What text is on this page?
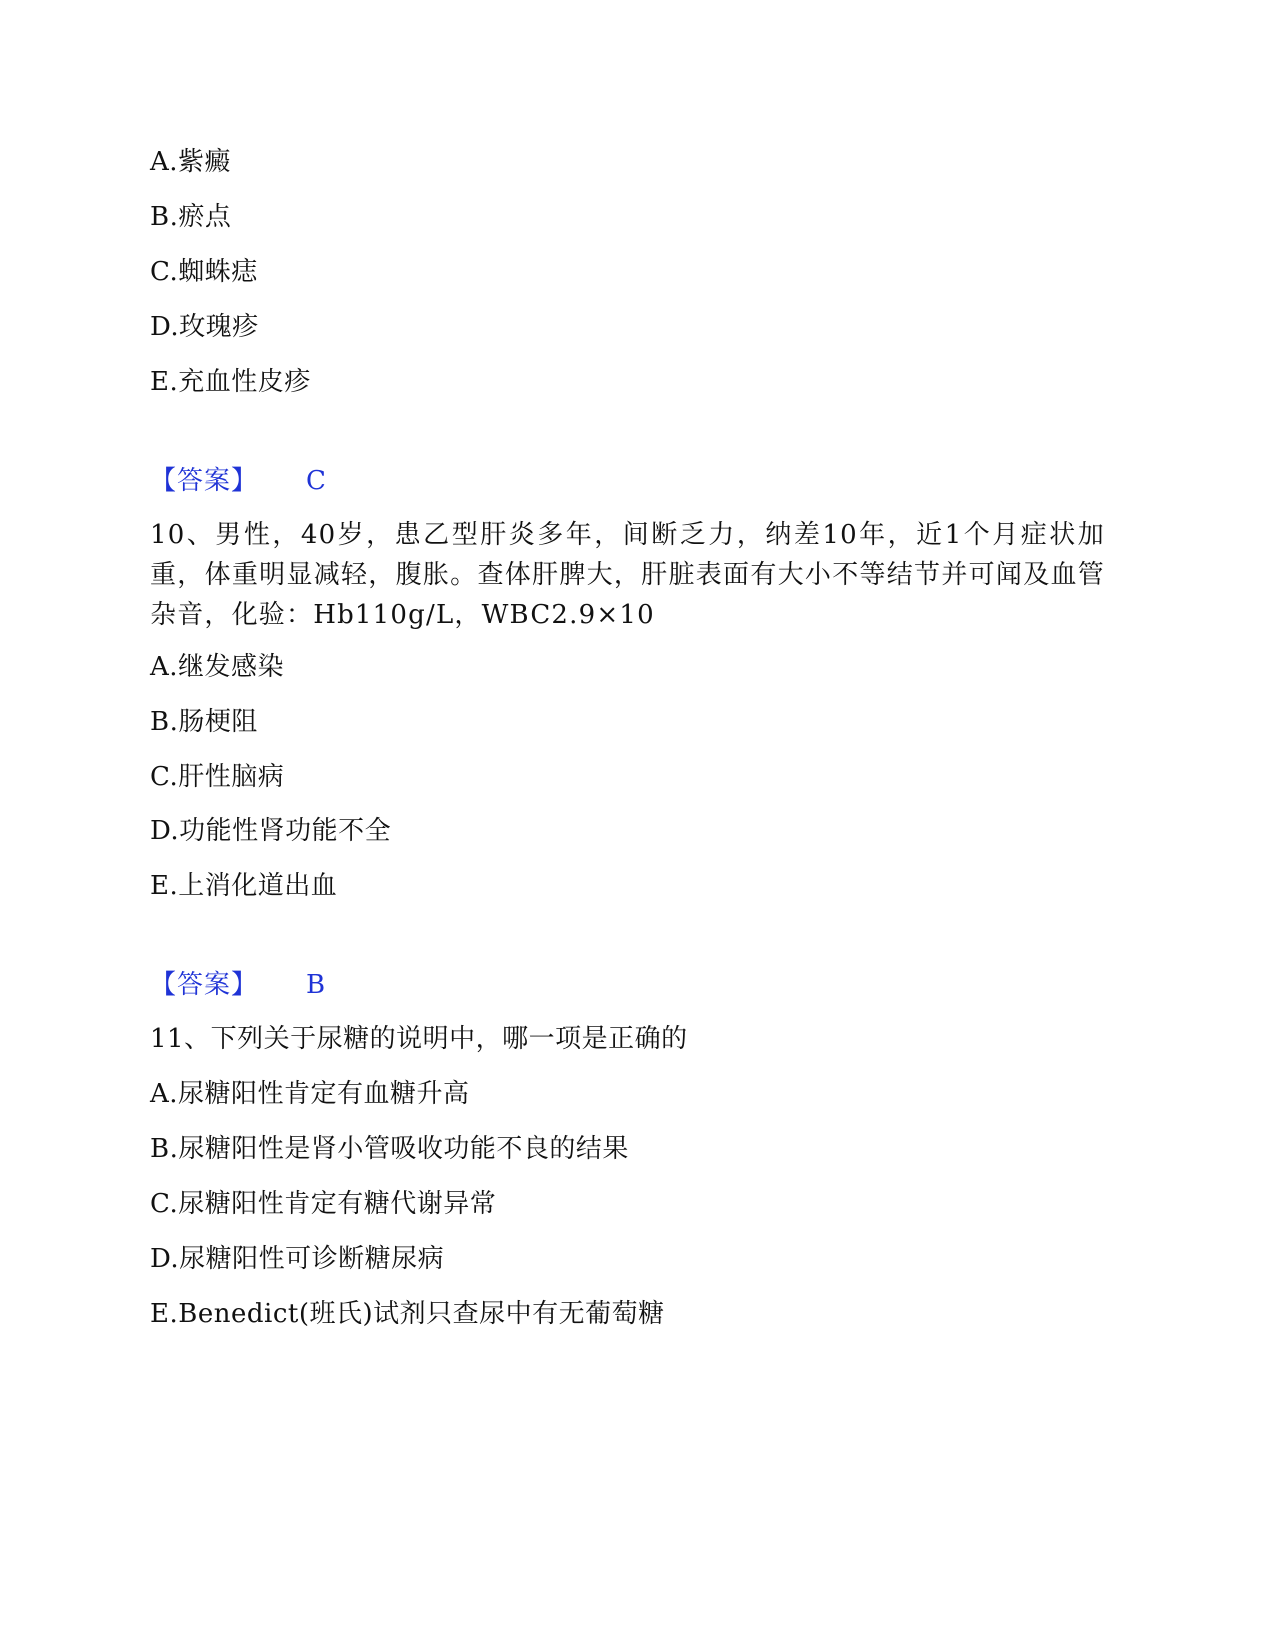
A.紫癜
B.瘀点
C.蜘蛛痣
D.玫瑰疹
E.充血性皮疹
【答案】 C
10、男性，40岁，患乙型肝炎多年，间断乏力，纳差10年，近1个月症状加重，体重明显减轻，腹胀。查体肝脾大，肝脏表面有大小不等结节并可闻及血管杂音，化验：Hb110g/L，WBC2.9×10
A.继发感染
B.肠梗阻
C.肝性脑病
D.功能性肾功能不全
E.上消化道出血
【答案】 B
11、下列关于尿糖的说明中，哪一项是正确的
A.尿糖阳性肯定有血糖升高
B.尿糖阳性是肾小管吸收功能不良的结果
C.尿糖阳性肯定有糖代谢异常
D.尿糖阳性可诊断糖尿病
E.Benedict(班氏)试剂只查尿中有无葡萄糖
